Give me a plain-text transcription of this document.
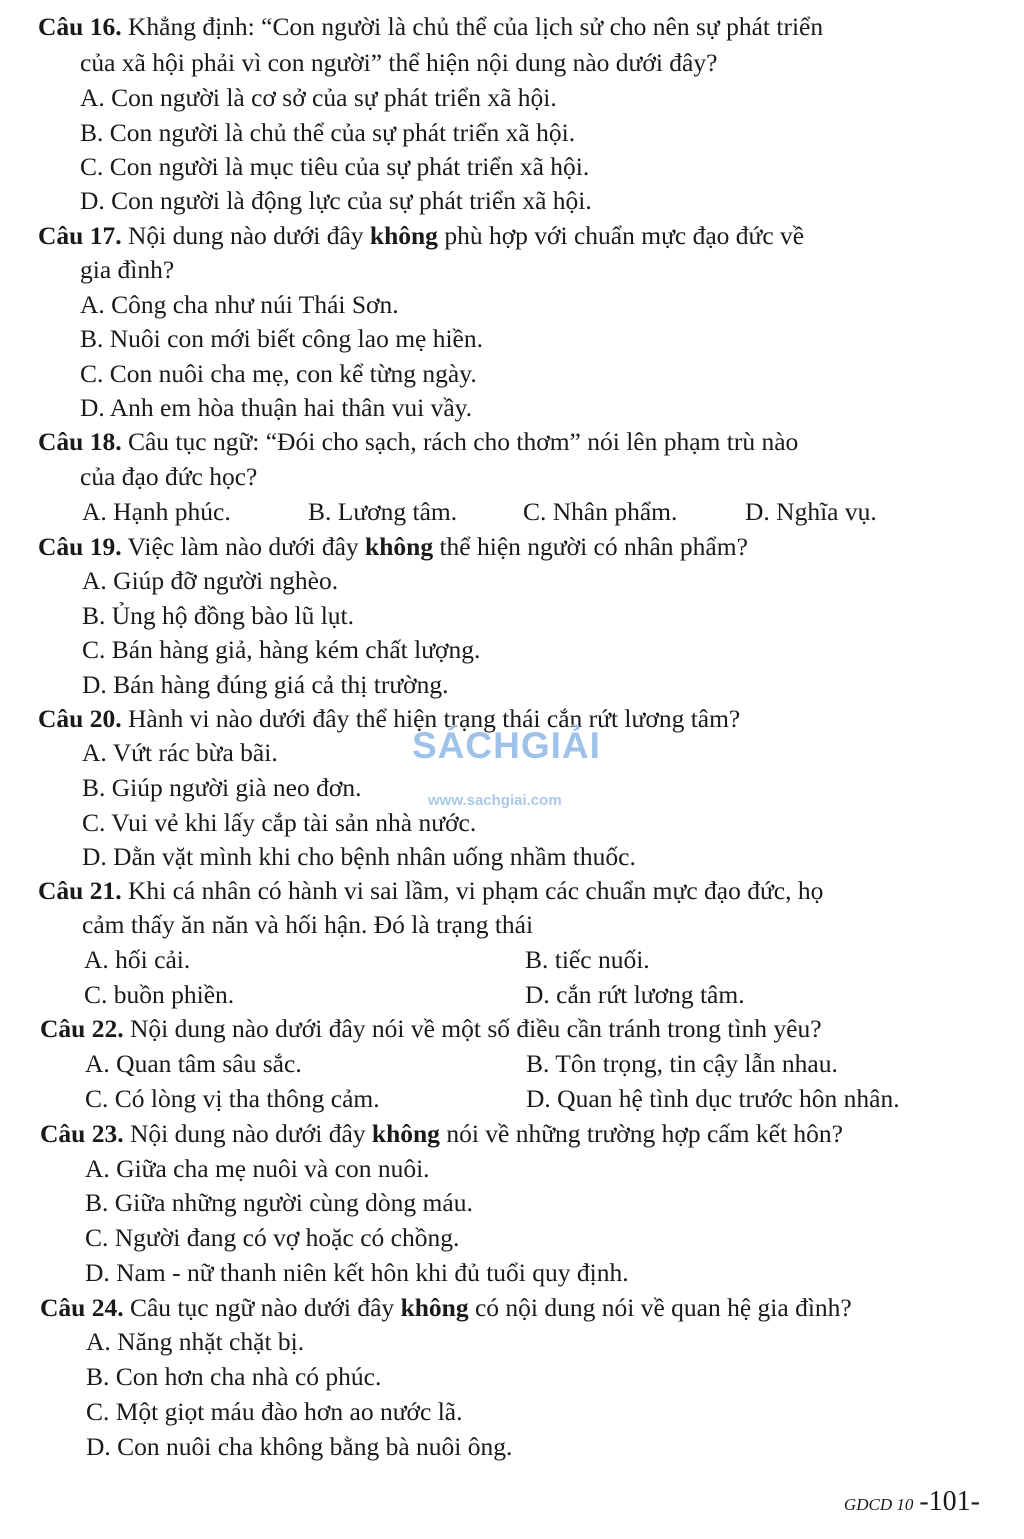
Câu 16. Khẳng định: “Con người là chủ thể của lịch sử cho nên sự phát triển
của xã hội phải vì con người” thể hiện nội dung nào dưới đây?
A. Con người là cơ sở của sự phát triển xã hội.
B. Con người là chủ thể của sự phát triển xã hội.
C. Con người là mục tiêu của sự phát triển xã hội.
D. Con người là động lực của sự phát triển xã hội.
Câu 17. Nội dung nào dưới đây không phù hợp với chuẩn mực đạo đức về
gia đình?
A. Công cha như núi Thái Sơn.
B. Nuôi con mới biết công lao mẹ hiền.
C. Con nuôi cha mẹ, con kể từng ngày.
D. Anh em hòa thuận hai thân vui vầy.
Câu 18. Câu tục ngữ: “Đói cho sạch, rách cho thơm” nói lên phạm trù nào
của đạo đức học?
A. Hạnh phúc.	B. Lương tâm.	C. Nhân phẩm.	D. Nghĩa vụ.
Câu 19. Việc làm nào dưới đây không thể hiện người có nhân phẩm?
A. Giúp đỡ người nghèo.
B. Ủng hộ đồng bào lũ lụt.
C. Bán hàng giả, hàng kém chất lượng.
D. Bán hàng đúng giá cả thị trường.
Câu 20. Hành vi nào dưới đây thể hiện trạng thái cắn rứt lương tâm?
A. Vứt rác bừa bãi.
B. Giúp người già neo đơn.
C. Vui vẻ khi lấy cắp tài sản nhà nước.
D. Dằn vặt mình khi cho bệnh nhân uống nhầm thuốc.
Câu 21. Khi cá nhân có hành vi sai lầm, vi phạm các chuẩn mực đạo đức, họ
cảm thấy ăn năn và hối hận. Đó là trạng thái
A. hối cải.	B. tiếc nuối.
C. buồn phiền.	D. cắn rứt lương tâm.
Câu 22. Nội dung nào dưới đây nói về một số điều cần tránh trong tình yêu?
A. Quan tâm sâu sắc.	B. Tôn trọng, tin cậy lẫn nhau.
C. Có lòng vị tha thông cảm.	D. Quan hệ tình dục trước hôn nhân.
Câu 23. Nội dung nào dưới đây không nói về những trường hợp cấm kết hôn?
A. Giữa cha mẹ nuôi và con nuôi.
B. Giữa những người cùng dòng máu.
C. Người đang có vợ hoặc có chồng.
D. Nam - nữ thanh niên kết hôn khi đủ tuổi quy định.
Câu 24. Câu tục ngữ nào dưới đây không có nội dung nói về quan hệ gia đình?
A. Năng nhặt chặt bị.
B. Con hơn cha nhà có phúc.
C. Một giọt máu đào hơn ao nước lã.
D. Con nuôi cha không bằng bà nuôi ông.
SÁCHGIẢI
www.sachgiai.com
GDCD 10 -101-
